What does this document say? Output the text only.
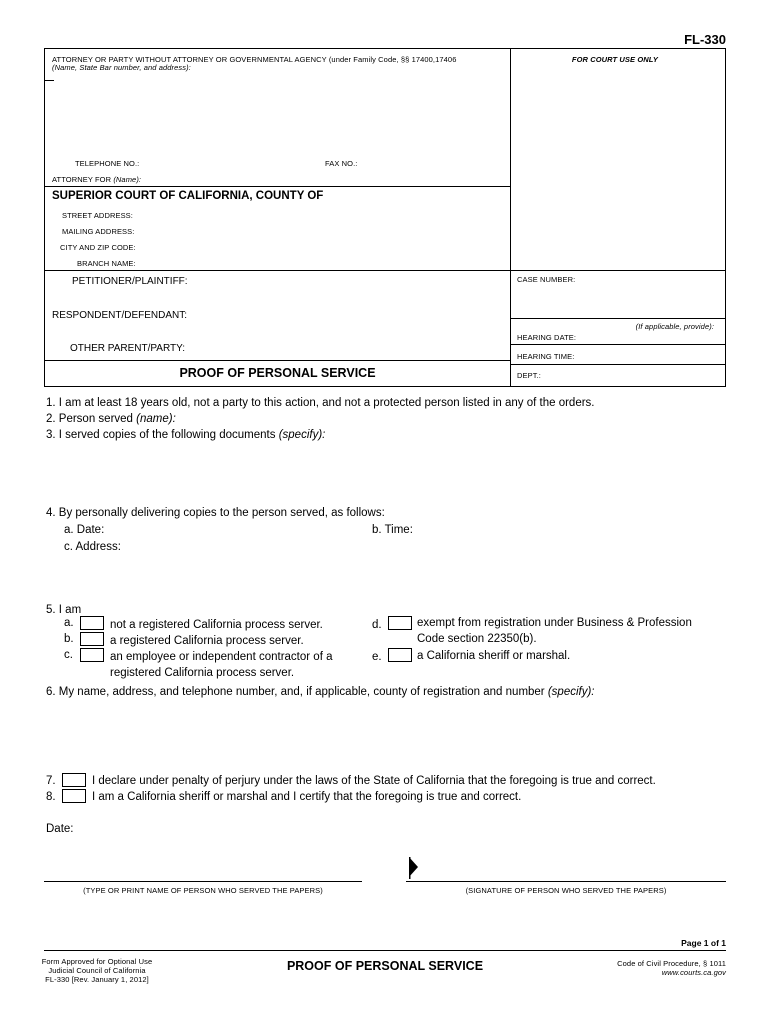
FL-330
ATTORNEY OR PARTY WITHOUT ATTORNEY OR GOVERNMENTAL AGENCY (under Family Code, §§ 17400,17406
(Name, State Bar number, and address):
FOR COURT USE ONLY
TELEPHONE NO.:	FAX NO.:
ATTORNEY FOR (Name):
SUPERIOR COURT OF CALIFORNIA, COUNTY OF
STREET ADDRESS:
MAILING ADDRESS:
CITY AND ZIP CODE:
BRANCH NAME:
PETITIONER/PLAINTIFF:
RESPONDENT/DEFENDANT:
OTHER PARENT/PARTY:
CASE NUMBER:
(If applicable, provide):
HEARING DATE:
HEARING TIME:
DEPT.:
PROOF OF PERSONAL SERVICE
1. I am at least 18 years old, not a party to this action, and not a protected person listed in any of the orders.
2. Person served (name):
3. I served copies of the following documents (specify):
4. By personally delivering copies to the person served, as follows:
a. Date:	b. Time:
c. Address:
5. I am
a.	not a registered California process server.
b.	a registered California process server.
c.	an employee or independent contractor of a
registered California process server.
d.	exempt from registration under Business & Profession
Code section 22350(b).
e.	a California sheriff or marshal.
6. My name, address, and telephone number, and, if applicable, county of registration and number (specify):
7.	I declare under penalty of perjury under the laws of the State of California that the foregoing is true and correct.
8.	I am a California sheriff or marshal and I certify that the foregoing is true and correct.
Date:
(TYPE OR PRINT NAME OF PERSON WHO SERVED THE PAPERS)	(SIGNATURE OF PERSON WHO SERVED THE PAPERS)
Page 1 of 1
Form Approved for Optional Use
Judicial Council of California
FL-330 [Rev. January 1, 2012]
PROOF OF PERSONAL SERVICE	Code of Civil Procedure, § 1011
www.courts.ca.gov
